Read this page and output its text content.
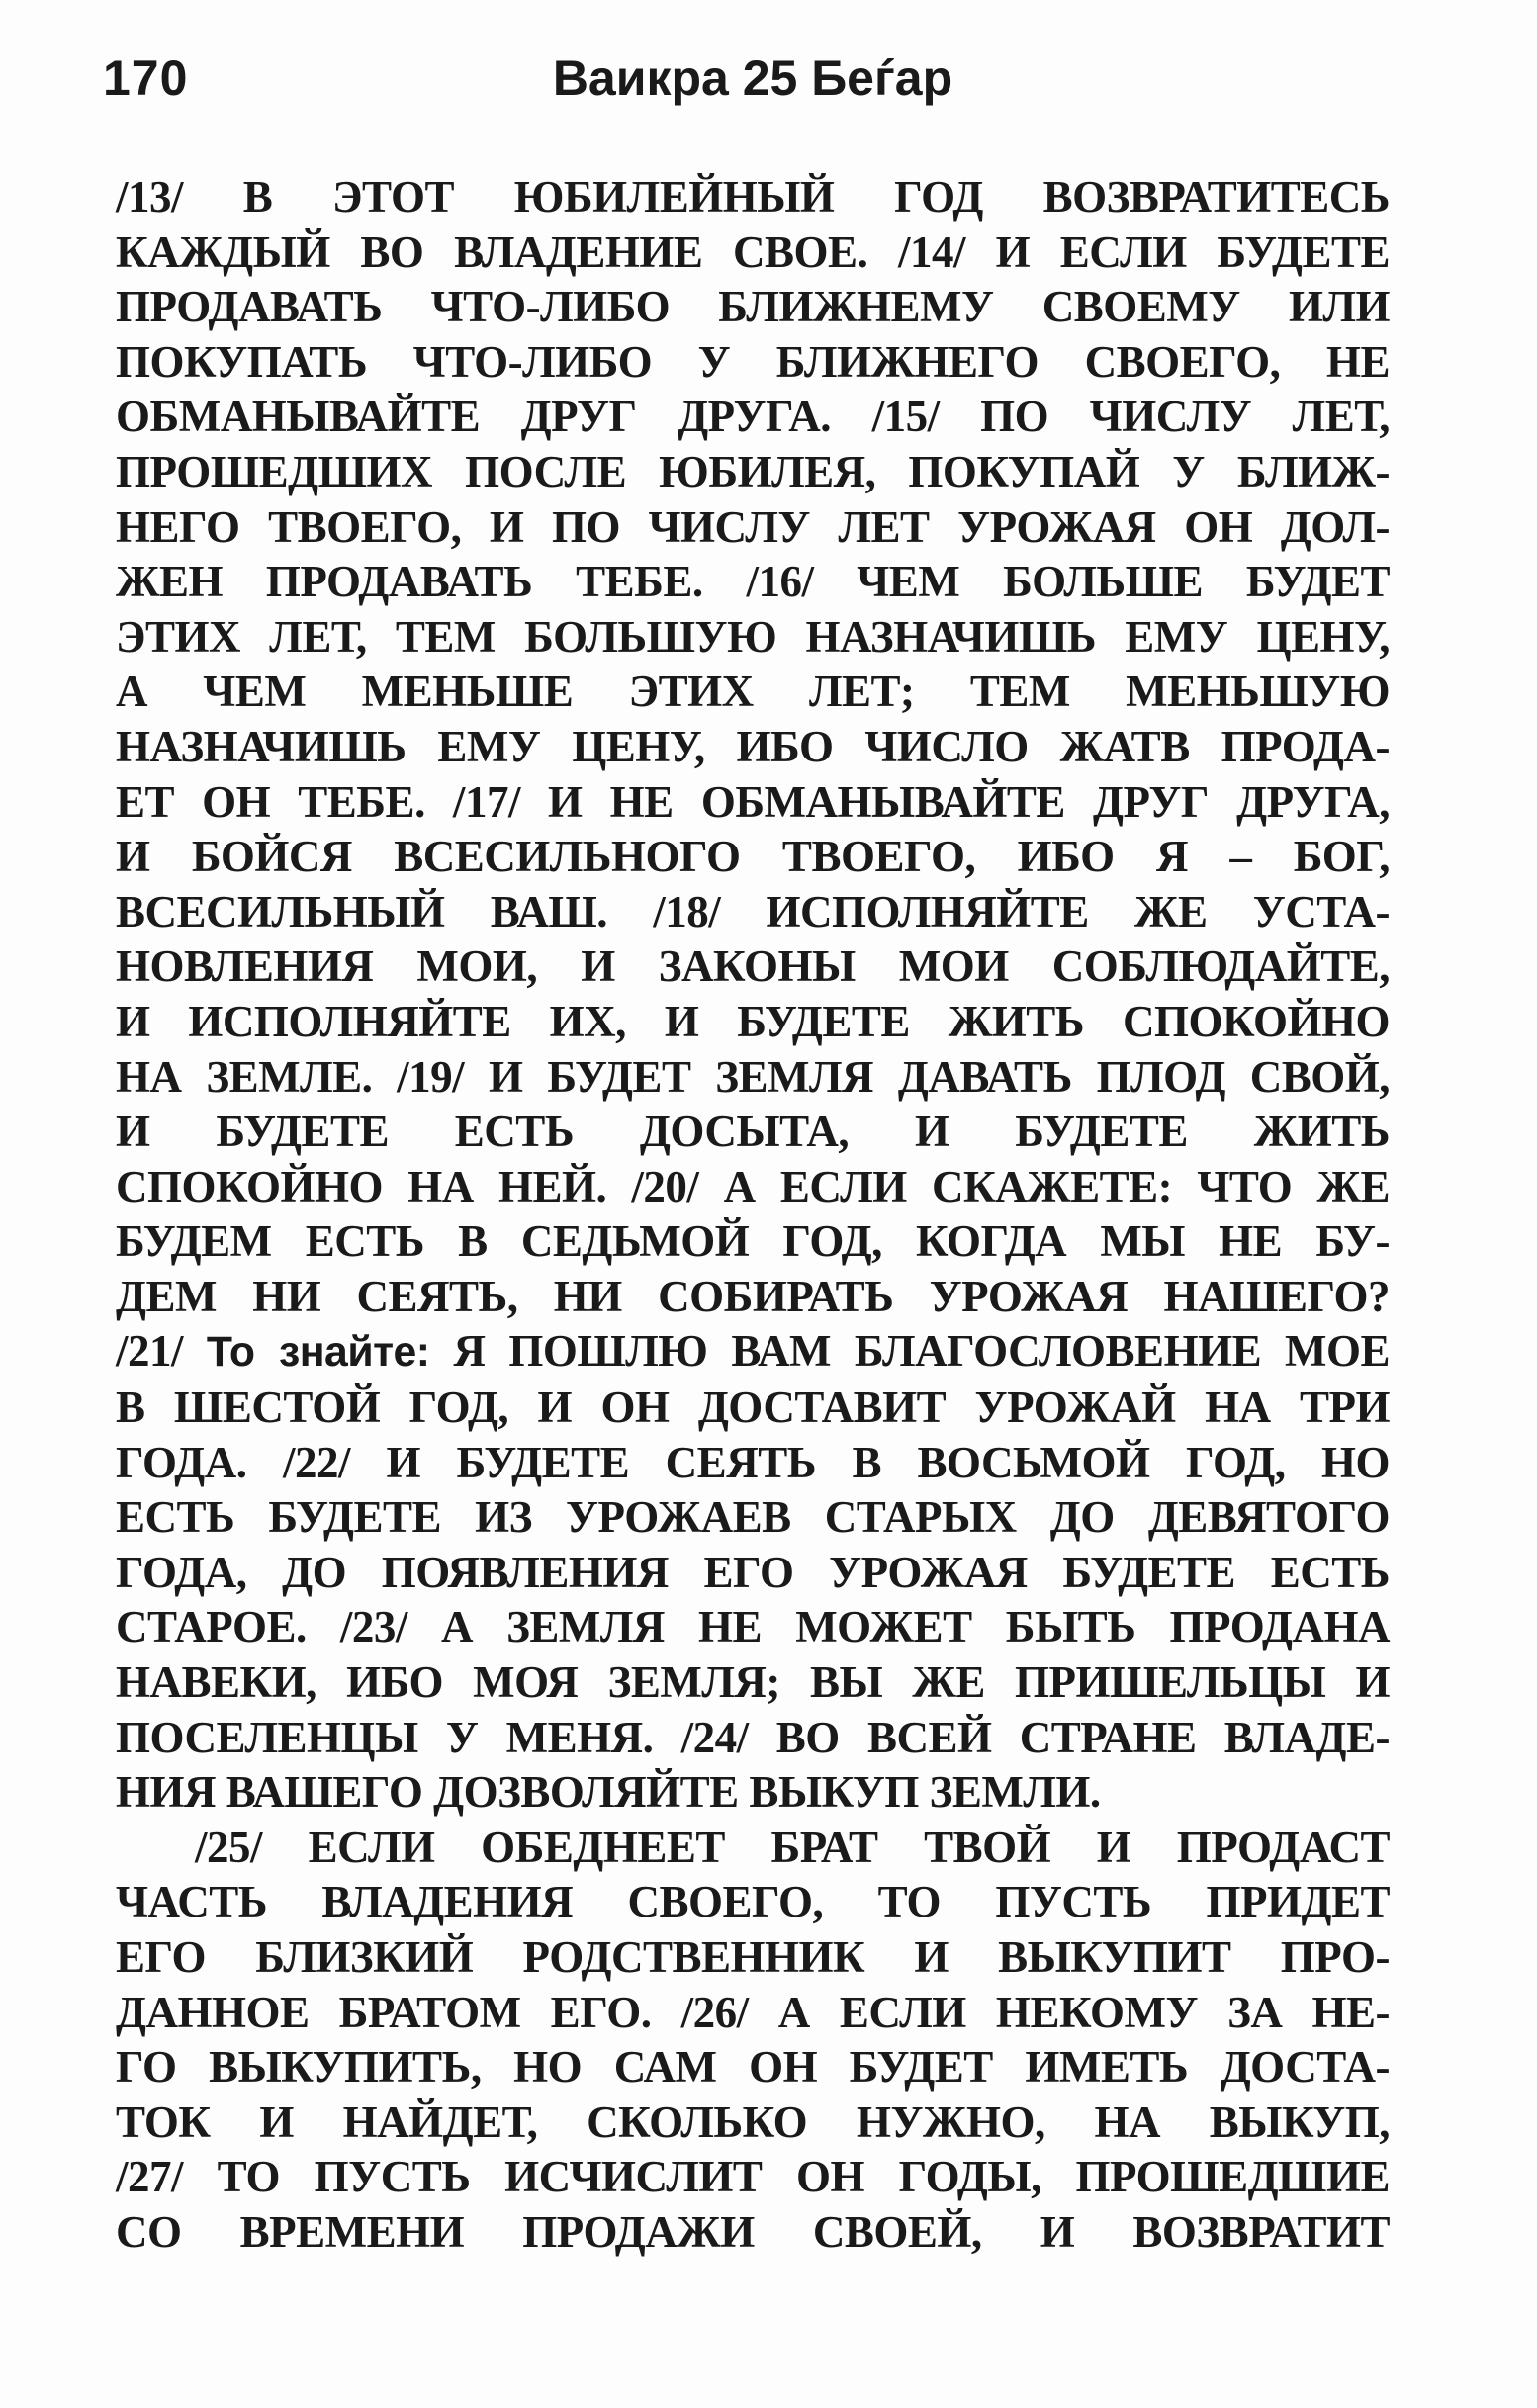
170	Ваикра 25 Беѓар
/13/ В ЭТОТ ЮБИЛЕЙНЫЙ ГОД ВОЗВРАТИТЕСЬ
КАЖДЫЙ ВО ВЛАДЕНИЕ СВОЕ. /14/ И ЕСЛИ БУДЕТЕ
ПРОДАВАТЬ ЧТО-ЛИБО БЛИЖНЕМУ СВОЕМУ ИЛИ
ПОКУПАТЬ ЧТО-ЛИБО У БЛИЖНЕГО СВОЕГО, НЕ
ОБМАНЫВАЙТЕ ДРУГ ДРУГА. /15/ ПО ЧИСЛУ ЛЕТ,
ПРОШЕДШИХ ПОСЛЕ ЮБИЛЕЯ, ПОКУПАЙ У БЛИЖ-
НЕГО ТВОЕГО, И ПО ЧИСЛУ ЛЕТ УРОЖАЯ ОН ДОЛ-
ЖЕН ПРОДАВАТЬ ТЕБЕ. /16/ ЧЕМ БОЛЬШЕ БУДЕТ
ЭТИХ ЛЕТ, ТЕМ БОЛЬШУЮ НАЗНАЧИШЬ ЕМУ ЦЕНУ,
А ЧЕМ МЕНЬШЕ ЭТИХ ЛЕТ; ТЕМ МЕНЬШУЮ
НАЗНАЧИШЬ ЕМУ ЦЕНУ, ИБО ЧИСЛО ЖАТВ ПРОДА-
ЕТ ОН ТЕБЕ. /17/ И НЕ ОБМАНЫВАЙТЕ ДРУГ ДРУГА,
И БОЙСЯ ВСЕСИЛЬНОГО ТВОЕГО, ИБО Я – БОГ,
ВСЕСИЛЬНЫЙ ВАШ. /18/ ИСПОЛНЯЙТЕ ЖЕ УСТА-
НОВЛЕНИЯ МОИ, И ЗАКОНЫ МОИ СОБЛЮДАЙТЕ,
И ИСПОЛНЯЙТЕ ИХ, И БУДЕТЕ ЖИТЬ СПОКОЙНО
НА ЗЕМЛЕ. /19/ И БУДЕТ ЗЕМЛЯ ДАВАТЬ ПЛОД СВОЙ,
И БУДЕТЕ ЕСТЬ ДОСЫТА, И БУДЕТЕ ЖИТЬ
СПОКОЙНО НА НЕЙ. /20/ А ЕСЛИ СКАЖЕТЕ: ЧТО ЖЕ
БУДЕМ ЕСТЬ В СЕДЬМОЙ ГОД, КОГДА МЫ НЕ БУ-
ДЕМ НИ СЕЯТЬ, НИ СОБИРАТЬ УРОЖАЯ НАШЕГО?
/21/ То знайте: Я ПОШЛЮ ВАМ БЛАГОСЛОВЕНИЕ МОЕ
В ШЕСТОЙ ГОД, И ОН ДОСТАВИТ УРОЖАЙ НА ТРИ
ГОДА. /22/ И БУДЕТЕ СЕЯТЬ В ВОСЬМОЙ ГОД, НО
ЕСТЬ БУДЕТЕ ИЗ УРОЖАЕВ СТАРЫХ ДО ДЕВЯТОГО
ГОДА, ДО ПОЯВЛЕНИЯ ЕГО УРОЖАЯ БУДЕТЕ ЕСТЬ
СТАРОЕ. /23/ А ЗЕМЛЯ НЕ МОЖЕТ БЫТЬ ПРОДАНА
НАВЕКИ, ИБО МОЯ ЗЕМЛЯ; ВЫ ЖЕ ПРИШЕЛЬЦЫ И
ПОСЕЛЕНЦЫ У МЕНЯ. /24/ ВО ВСЕЙ СТРАНЕ ВЛАДЕ-
НИЯ ВАШЕГО ДОЗВОЛЯЙТЕ ВЫКУП ЗЕМЛИ.
/25/ ЕСЛИ ОБЕДНЕЕТ БРАТ ТВОЙ И ПРОДАСТ
ЧАСТЬ ВЛАДЕНИЯ СВОЕГО, ТО ПУСТЬ ПРИДЕТ
ЕГО БЛИЗКИЙ РОДСТВЕННИК И ВЫКУПИТ ПРО-
ДАННОЕ БРАТОМ ЕГО. /26/ А ЕСЛИ НЕКОМУ ЗА НЕ-
ГО ВЫКУПИТЬ, НО САМ ОН БУДЕТ ИМЕТЬ ДОСТА-
ТОК И НАЙДЕТ, СКОЛЬКО НУЖНО, НА ВЫКУП,
/27/ ТО ПУСТЬ ИСЧИСЛИТ ОН ГОДЫ, ПРОШЕДШИЕ
СО ВРЕМЕНИ ПРОДАЖИ СВОЕЙ, И ВОЗВРАТИТ
